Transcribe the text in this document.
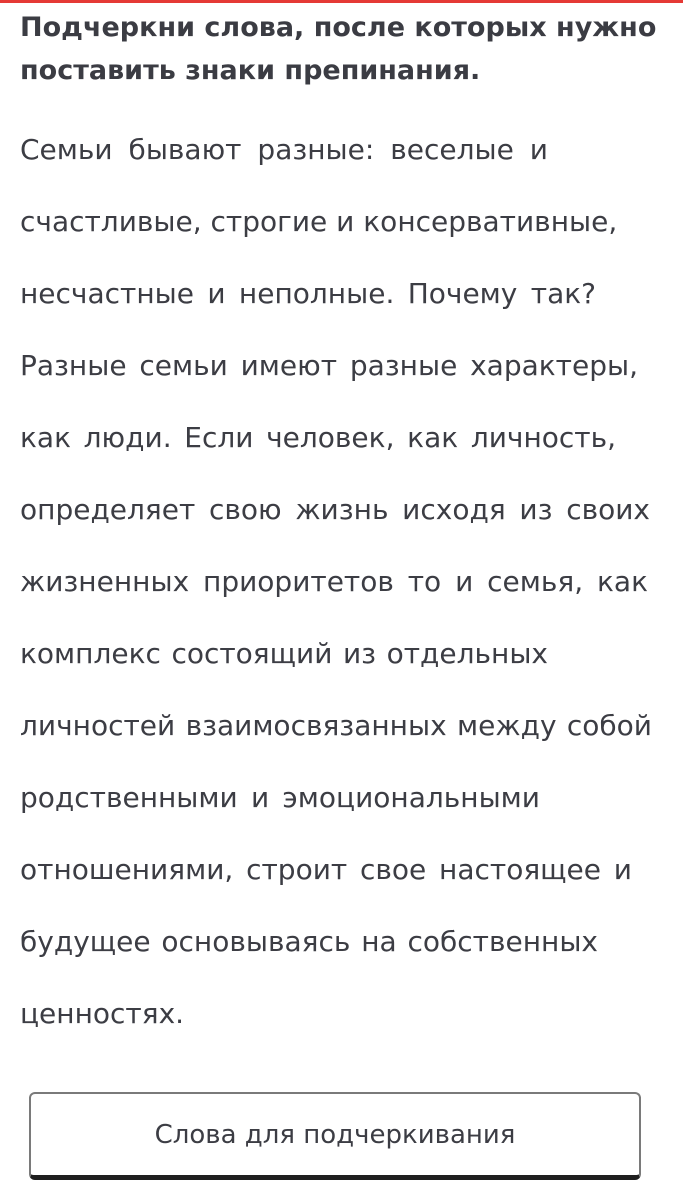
Подчеркни слова, после которых нужно поставить знаки препинания.
Семьи бывают разные: веселые и
счастливые, строгие и консервативные,
несчастные и неполные. Почему так?
Разные семьи имеют разные характеры,
как люди. Если человек, как личность,
определяет свою жизнь исходя из своих
жизненных приоритетов то и семья, как
комплекс состоящий из отдельных
личностей взаимосвязанных между собой
родственными и эмоциональными
отношениями, строит свое настоящее и
будущее основываясь на собственных
ценностях.
Слова для подчеркивания
